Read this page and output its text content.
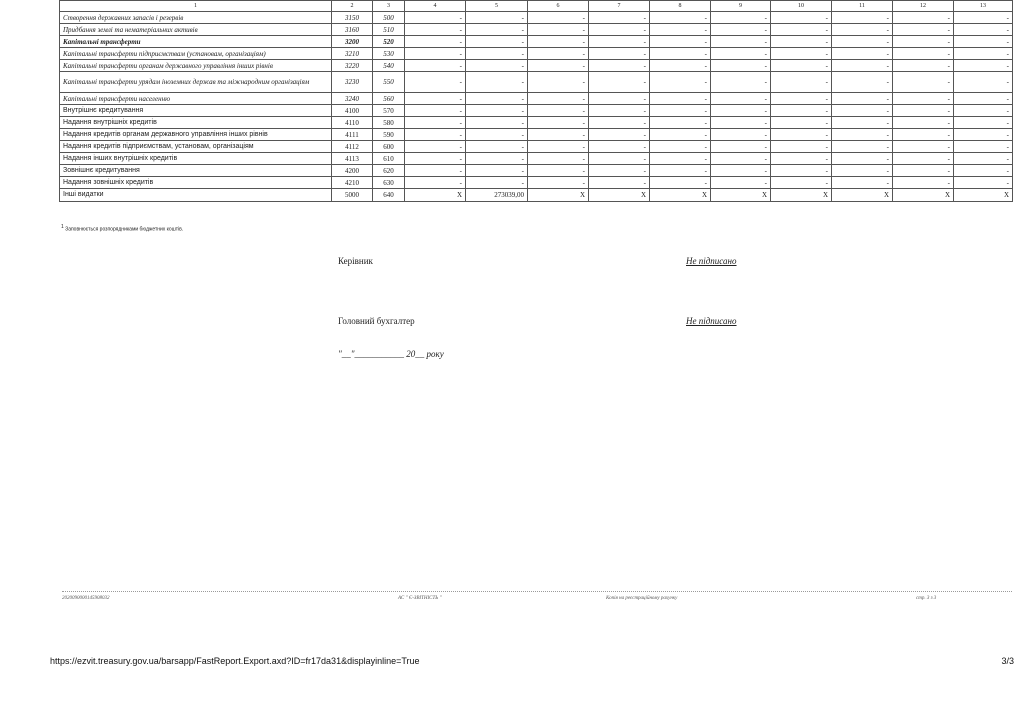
1	2	3	4	5	6	7	8	9	10	11	12	13
Створення державних запасів і резервів	3150	500	-	-	-	-	-	-	-	-	-	-
Придбання землі та нематеріальних активів	3160	510	-	-	-	-	-	-	-	-	-	-
Капітальні трансферти	3200	520	-	-	-	-	-	-	-	-	-	-
Капітальні трансферти підприємствам (установам, організаціям)	3210	530	-	-	-	-	-	-	-	-	-	-
Капітальні трансферти органам державного управління інших рівнів	3220	540	-	-	-	-	-	-	-	-	-	-
Капітальні трансферти урядам іноземних держав та міжнародним організаціям	3230	550	-	-	-	-	-	-	-	-	-	-
Капітальні трансферти населенню	3240	560	-	-	-	-	-	-	-	-	-	-
Внутрішнє кредитування	4100	570	-	-	-	-	-	-	-	-	-	-
Надання внутрішніх кредитів	4110	580	-	-	-	-	-	-	-	-	-	-
Надання кредитів органам державного управління інших рівнів	4111	590	-	-	-	-	-	-	-	-	-	-
Надання кредитів підприємствам, установам, організаціям	4112	600	-	-	-	-	-	-	-	-	-	-
Надання інших внутрішніх кредитів	4113	610	-	-	-	-	-	-	-	-	-	-
Зовнішнє кредитування	4200	620	-	-	-	-	-	-	-	-	-	-
Надання зовнішніх кредитів	4210	630	-	-	-	-	-	-	-	-	-	-
Інші видатки	5000	640	X	273039,00	X	X	X	X	X	X	X	X
$^1$ Заповнюється розпорядниками бюджетних коштів.
Керівник	Не підписано
Головний бухгалтер	Не підписано
"__"___________ 20__ року
2020090000145908032	АС " Є-ЗВІТНІСТЬ "	Копія на реєстраційному рахунку	стр. 3 з 3
https://ezvit.treasury.gov.ua/barsapp/FastReport.Export.axd?ID=fr17da31&displayinline=True	3/3
